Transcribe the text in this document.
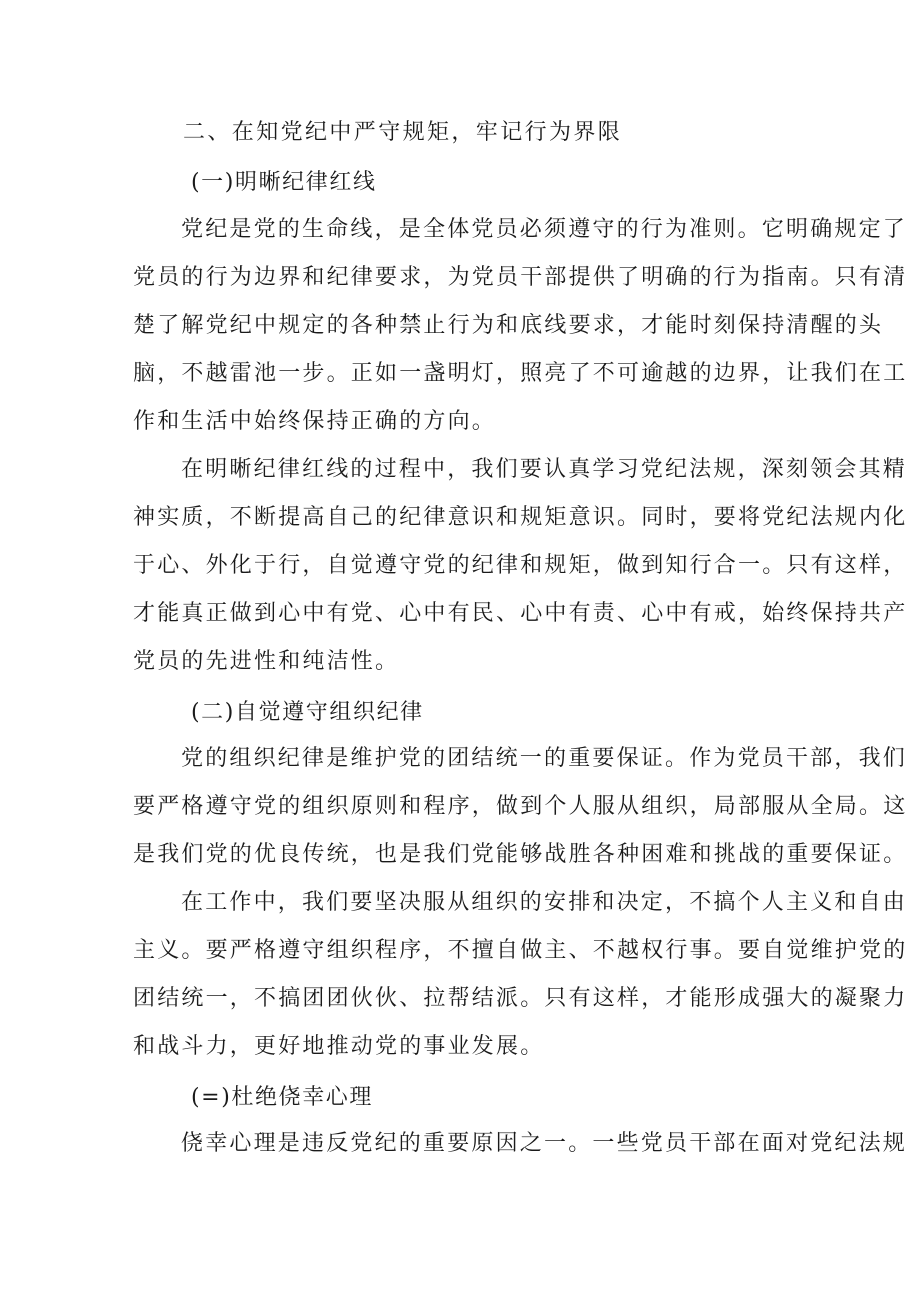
二、在知党纪中严守规矩，牢记行为界限
(一)明晰纪律红线
党纪是党的生命线，是全体党员必须遵守的行为准则。它明确规定了
党员的行为边界和纪律要求，为党员干部提供了明确的行为指南。只有清
楚了解党纪中规定的各种禁止行为和底线要求，才能时刻保持清醒的头
脑，不越雷池一步。正如一盏明灯，照亮了不可逾越的边界，让我们在工
作和生活中始终保持正确的方向。
在明晰纪律红线的过程中，我们要认真学习党纪法规，深刻领会其精
神实质，不断提高自己的纪律意识和规矩意识。同时，要将党纪法规内化
于心、外化于行，自觉遵守党的纪律和规矩，做到知行合一。只有这样，
才能真正做到心中有党、心中有民、心中有责、心中有戒，始终保持共产
党员的先进性和纯洁性。
(二)自觉遵守组织纪律
党的组织纪律是维护党的团结统一的重要保证。作为党员干部，我们
要严格遵守党的组织原则和程序，做到个人服从组织，局部服从全局。这
是我们党的优良传统，也是我们党能够战胜各种困难和挑战的重要保证。
在工作中，我们要坚决服从组织的安排和决定，不搞个人主义和自由
主义。要严格遵守组织程序，不擅自做主、不越权行事。要自觉维护党的
团结统一，不搞团团伙伙、拉帮结派。只有这样，才能形成强大的凝聚力
和战斗力，更好地推动党的事业发展。
(=)杜绝侥幸心理
侥幸心理是违反党纪的重要原因之一。一些党员干部在面对党纪法规
